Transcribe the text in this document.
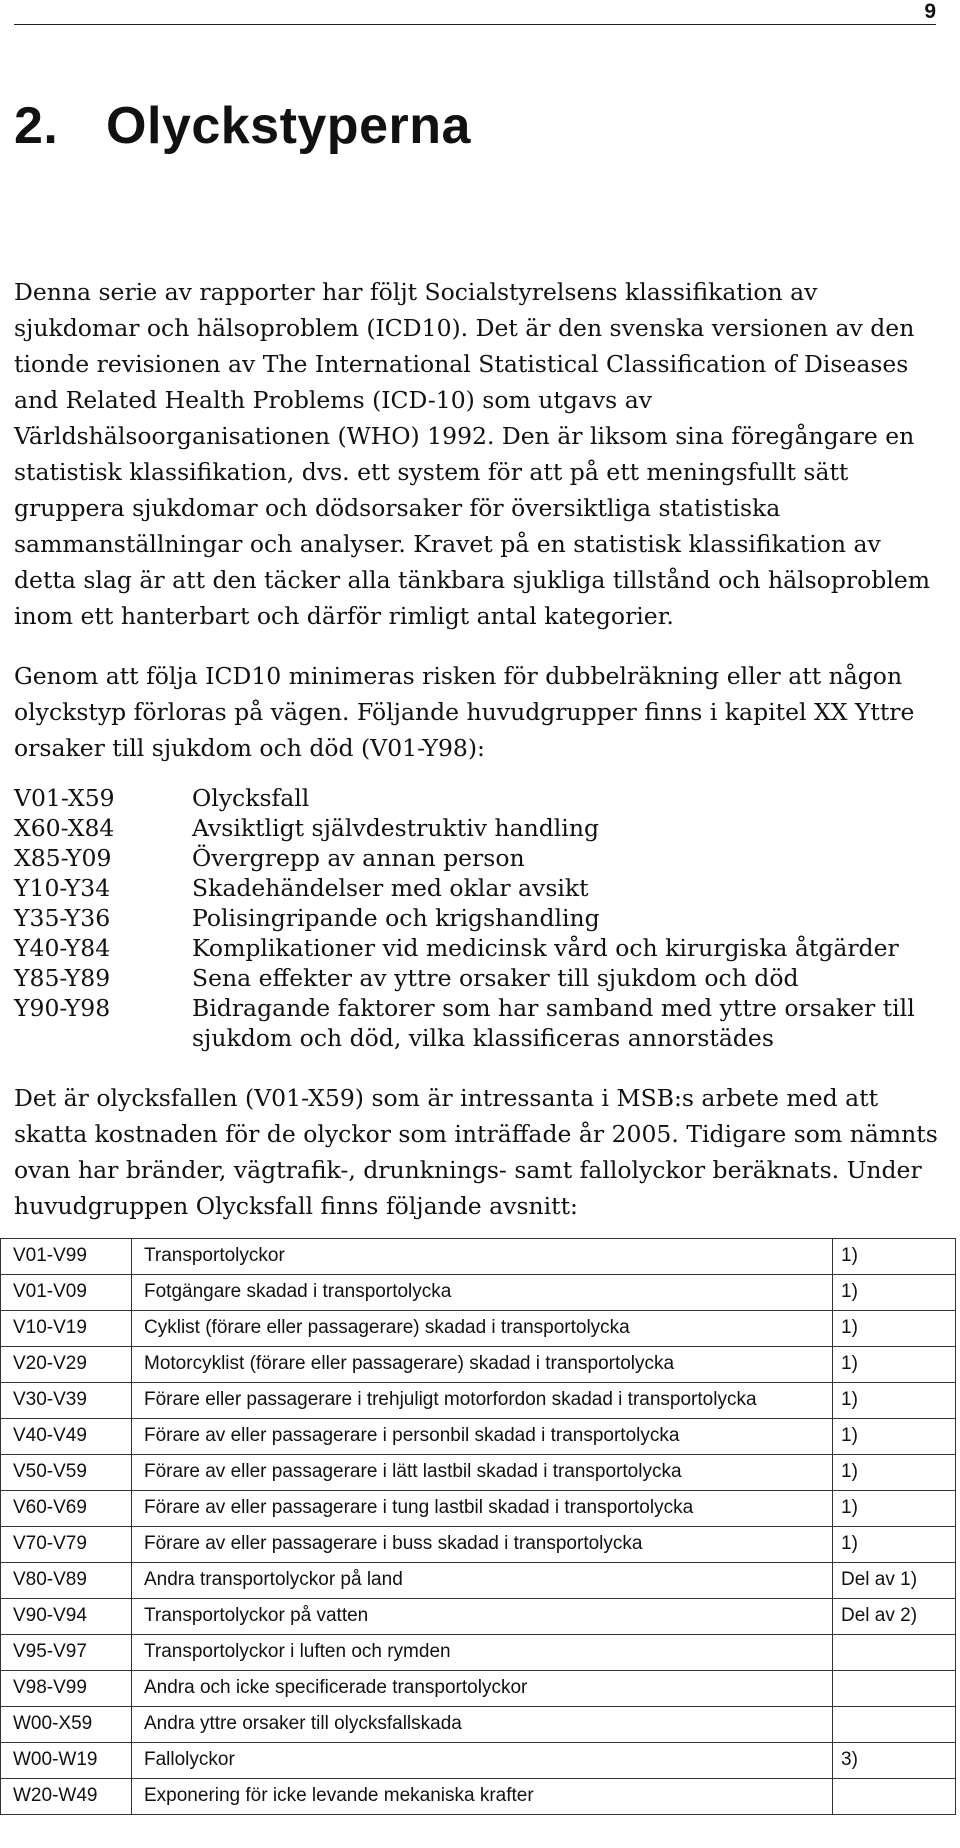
9
2. Olyckstyperna

Denna serie av rapporter har följt Socialstyrelsens klassifikation av sjukdomar och hälsoproblem (ICD10). Det är den svenska versionen av den tionde revisionen av The International Statistical Classification of Diseases and Related Health Problems (ICD-10) som utgavs av Världshälsoorganisationen (WHO) 1992. Den är liksom sina föregångare en statistisk klassifikation, dvs. ett system för att på ett meningsfullt sätt gruppera sjukdomar och dödsorsaker för översiktliga statistiska sammanställningar och analyser. Kravet på en statistisk klassifikation av detta slag är att den täcker alla tänkbara sjukliga tillstånd och hälsoproblem inom ett hanterbart och därför rimligt antal kategorier.

Genom att följa ICD10 minimeras risken för dubbelräkning eller att någon olyckstyp förloras på vägen. Följande huvudgrupper finns i kapitel XX Yttre orsaker till sjukdom och död (V01-Y98):

V01-X59	Olycksfall
X60-X84	Avsiktligt självdestruktiv handling
X85-Y09	Övergrepp av annan person
Y10-Y34	Skadehändelser med oklar avsikt
Y35-Y36	Polisingripande och krigshandling
Y40-Y84	Komplikationer vid medicinsk vård och kirurgiska åtgärder
Y85-Y89	Sena effekter av yttre orsaker till sjukdom och död
Y90-Y98	Bidragande faktorer som har samband med yttre orsaker till sjukdom och död, vilka klassificeras annorstädes

Det är olycksfallen (V01-X59) som är intressanta i MSB:s arbete med att skatta kostnaden för de olyckor som inträffade år 2005. Tidigare som nämnts ovan har bränder, vägtrafik-, drunknings- samt fallolyckor beräknats. Under huvudgruppen Olycksfall finns följande avsnitt:

V01-V99	Transportolyckor	1)
V01-V09	Fotgängare skadad i transportolycka	1)
V10-V19	Cyklist (förare eller passagerare) skadad i transportolycka	1)
V20-V29	Motorcyklist (förare eller passagerare) skadad i transportolycka	1)
V30-V39	Förare eller passagerare i trehjuligt motorfordon skadad i transportolycka	1)
V40-V49	Förare av eller passagerare i personbil skadad i transportolycka	1)
V50-V59	Förare av eller passagerare i lätt lastbil skadad i transportolycka	1)
V60-V69	Förare av eller passagerare i tung lastbil skadad i transportolycka	1)
V70-V79	Förare av eller passagerare i buss skadad i transportolycka	1)
V80-V89	Andra transportolyckor på land	Del av 1)
V90-V94	Transportolyckor på vatten	Del av 2)
V95-V97	Transportolyckor i luften och rymden	
V98-V99	Andra och icke specificerade transportolyckor	
W00-X59	Andra yttre orsaker till olycksfallskada	
W00-W19	Fallolyckor	3)
W20-W49	Exponering för icke levande mekaniska krafter	
